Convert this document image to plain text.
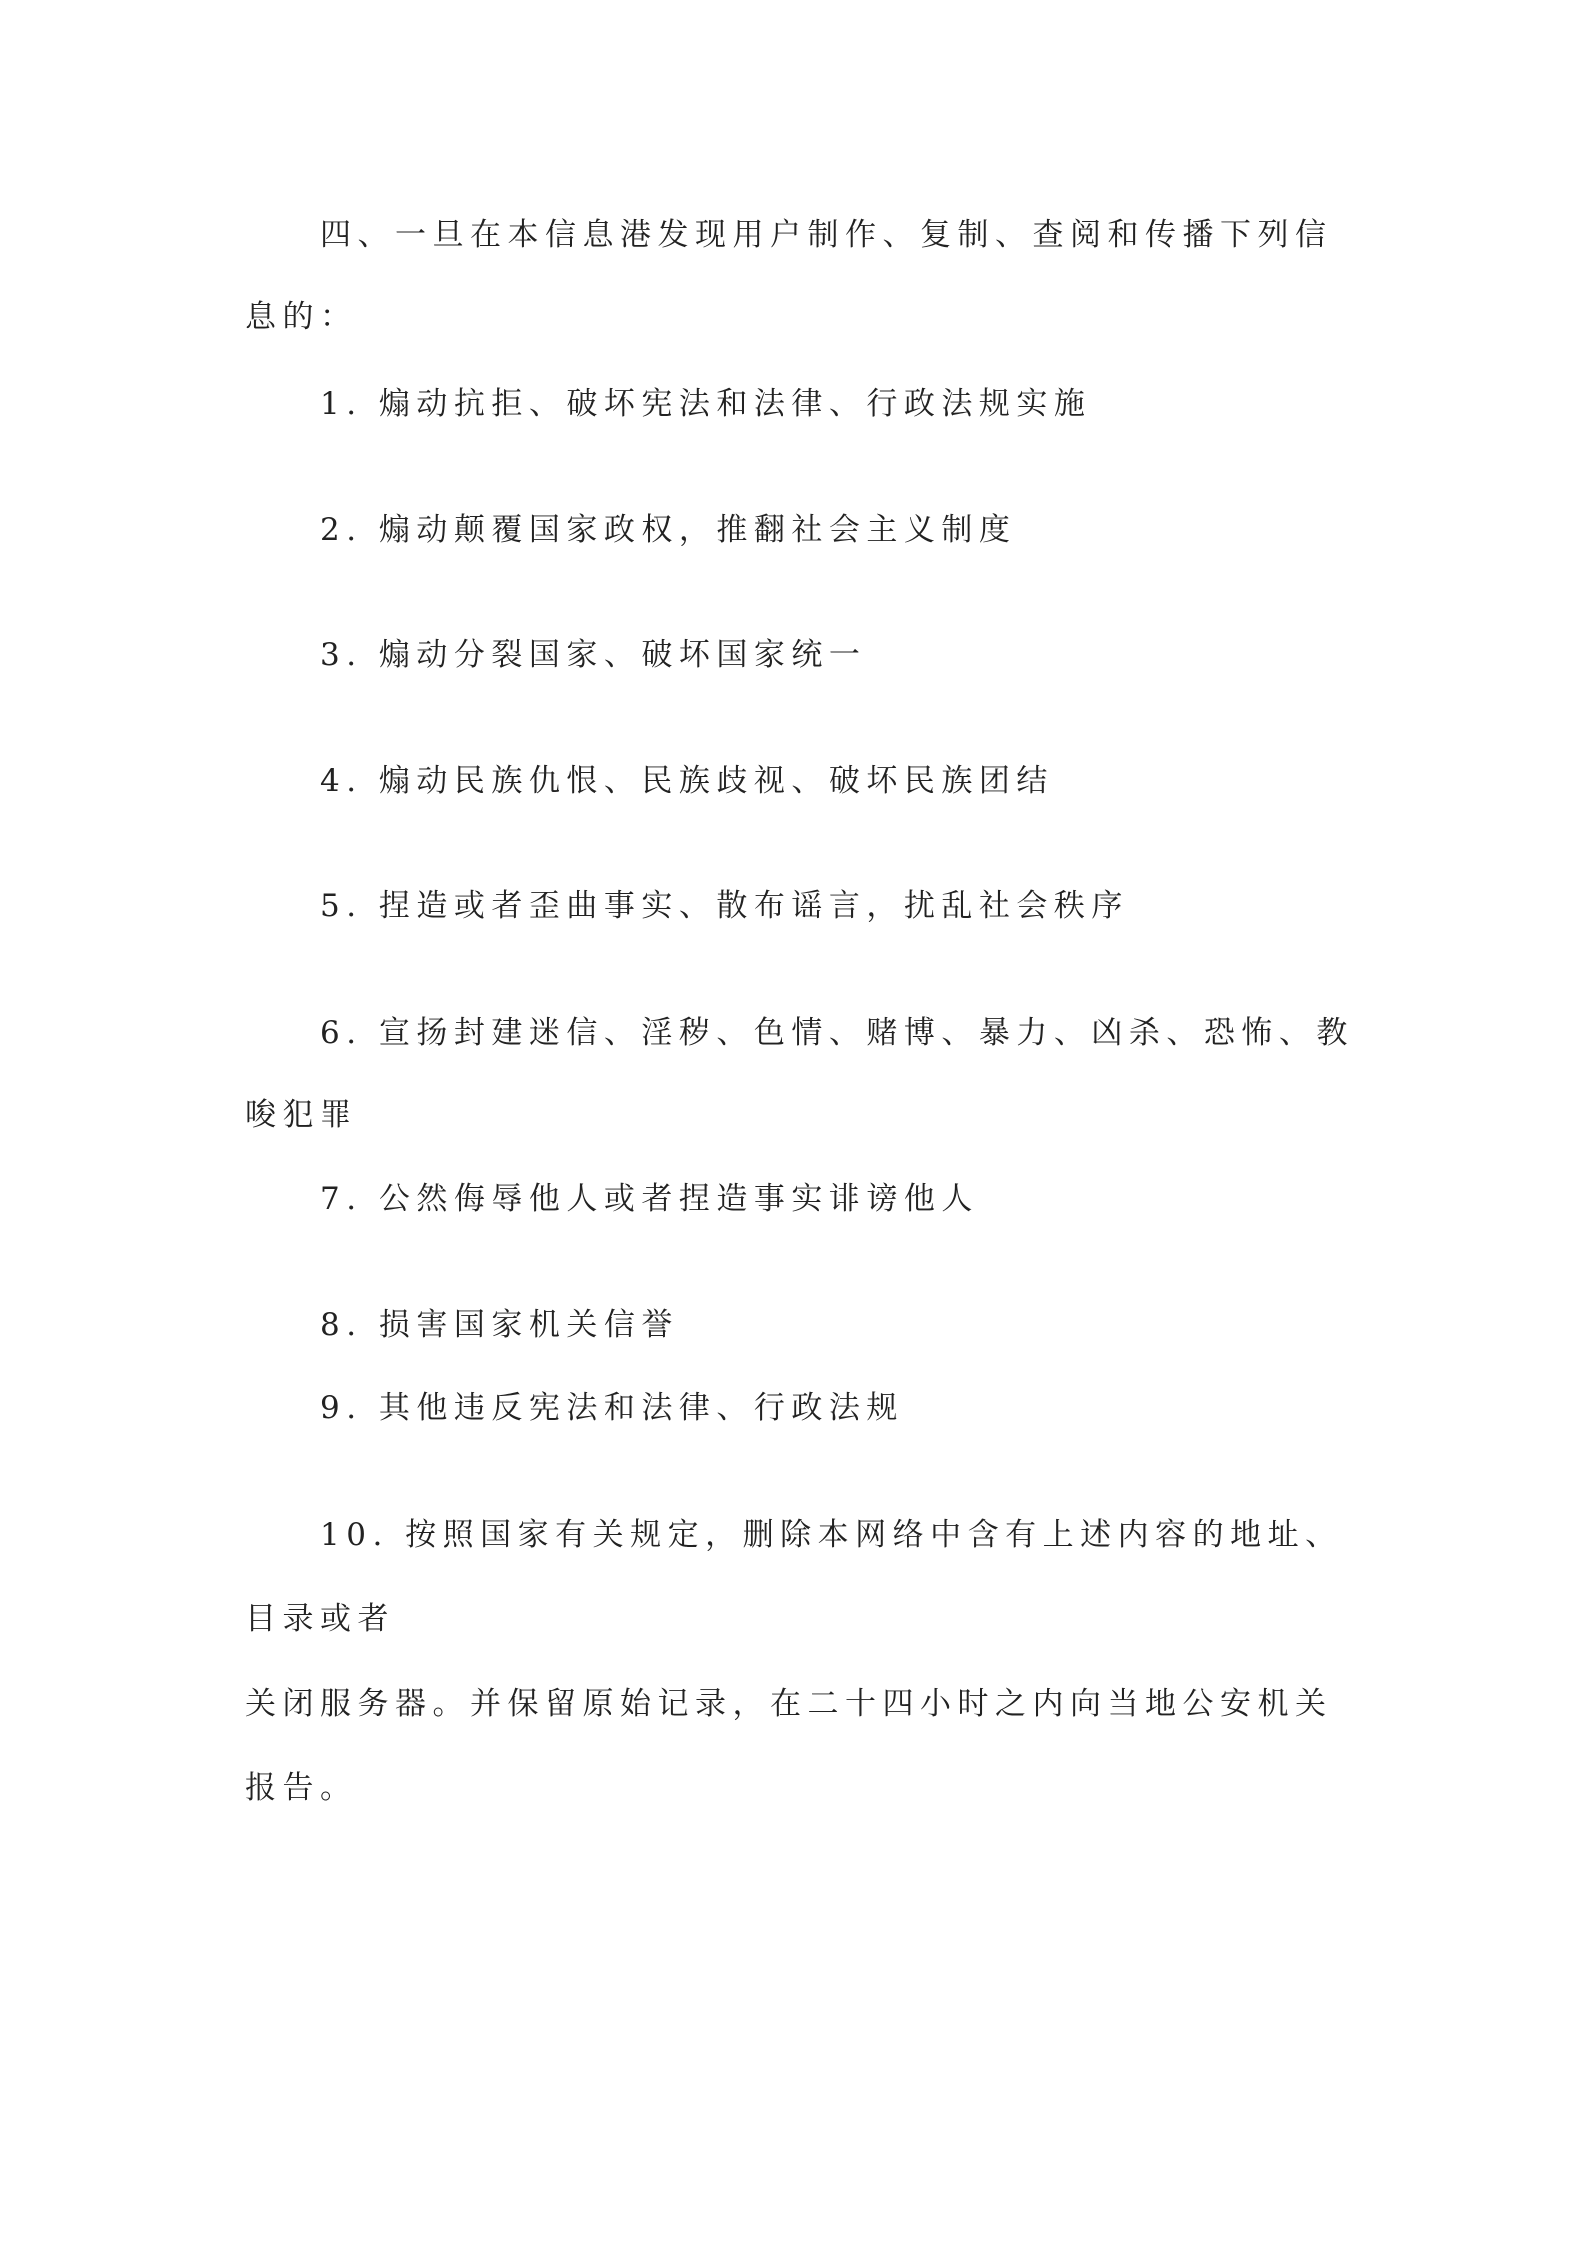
四、一旦在本信息港发现用户制作、复制、查阅和传播下列信
息的：
1. 煽动抗拒、破坏宪法和法律、行政法规实施
2. 煽动颠覆国家政权，推翻社会主义制度
3. 煽动分裂国家、破坏国家统一
4. 煽动民族仇恨、民族歧视、破坏民族团结
5. 捏造或者歪曲事实、散布谣言，扰乱社会秩序
6. 宣扬封建迷信、淫秽、色情、赌博、暴力、凶杀、恐怖、教
唆犯罪
7. 公然侮辱他人或者捏造事实诽谤他人
8. 损害国家机关信誉
9. 其他违反宪法和法律、行政法规
10. 按照国家有关规定，删除本网络中含有上述内容的地址、
目录或者
关闭服务器。并保留原始记录，在二十四小时之内向当地公安机关
报告。
